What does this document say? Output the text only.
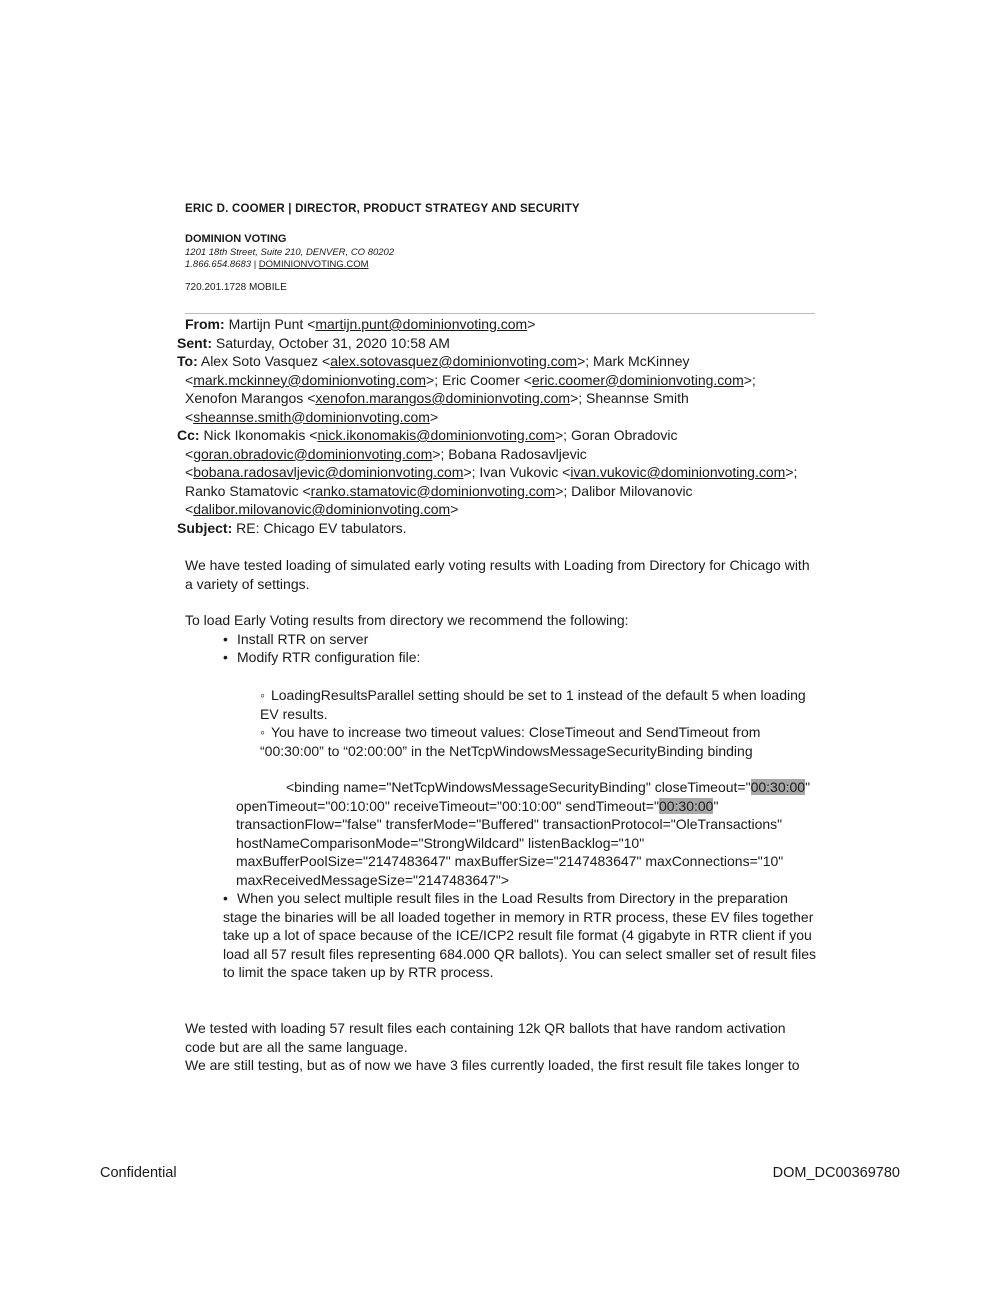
ERIC D. COOMER | DIRECTOR, PRODUCT STRATEGY AND SECURITY
DOMINION VOTING
1201 18th Street, Suite 210, DENVER, CO 80202
1.866.654.8683 | DOMINIONVOTING.COM
720.201.1728 MOBILE
From: Martijn Punt <martijn.punt@dominionvoting.com>
Sent: Saturday, October 31, 2020 10:58 AM
To: Alex Soto Vasquez <alex.sotovasquez@dominionvoting.com>; Mark McKinney
<mark.mckinney@dominionvoting.com>; Eric Coomer <eric.coomer@dominionvoting.com>;
Xenofon Marangos <xenofon.marangos@dominionvoting.com>; Sheannse Smith
<sheannse.smith@dominionvoting.com>
Cc: Nick Ikonomakis <nick.ikonomakis@dominionvoting.com>; Goran Obradovic
<goran.obradovic@dominionvoting.com>; Bobana Radosavljevic
<bobana.radosavljevic@dominionvoting.com>; Ivan Vukovic <ivan.vukovic@dominionvoting.com>;
Ranko Stamatovic <ranko.stamatovic@dominionvoting.com>; Dalibor Milovanovic
<dalibor.milovanovic@dominionvoting.com>
Subject: RE: Chicago EV tabulators.
We have tested loading of simulated early voting results with Loading from Directory for Chicago with
a variety of settings.
To load Early Voting results from directory we recommend the following:
• Install RTR on server
• Modify RTR configuration file:
◦ LoadingResultsParallel setting should be set to 1 instead of the default 5 when loading
EV results.
◦ You have to increase two timeout values: CloseTimeout and SendTimeout from
“00:30:00” to “02:00:00” in the NetTcpWindowsMessageSecurityBinding binding
<binding name="NetTcpWindowsMessageSecurityBinding" closeTimeout="00:30:00"
openTimeout="00:10:00" receiveTimeout="00:10:00" sendTimeout="00:30:00"
transactionFlow="false" transferMode="Buffered" transactionProtocol="OleTransactions"
hostNameComparisonMode="StrongWildcard" listenBacklog="10"
maxBufferPoolSize="2147483647" maxBufferSize="2147483647" maxConnections="10"
maxReceivedMessageSize="2147483647">
• When you select multiple result files in the Load Results from Directory in the preparation
stage the binaries will be all loaded together in memory in RTR process, these EV files together
take up a lot of space because of the ICE/ICP2 result file format (4 gigabyte in RTR client if you
load all 57 result files representing 684.000 QR ballots). You can select smaller set of result files
to limit the space taken up by RTR process.
We tested with loading 57 result files each containing 12k QR ballots that have random activation
code but are all the same language.
We are still testing, but as of now we have 3 files currently loaded, the first result file takes longer to
Confidential	DOM_DC00369780
